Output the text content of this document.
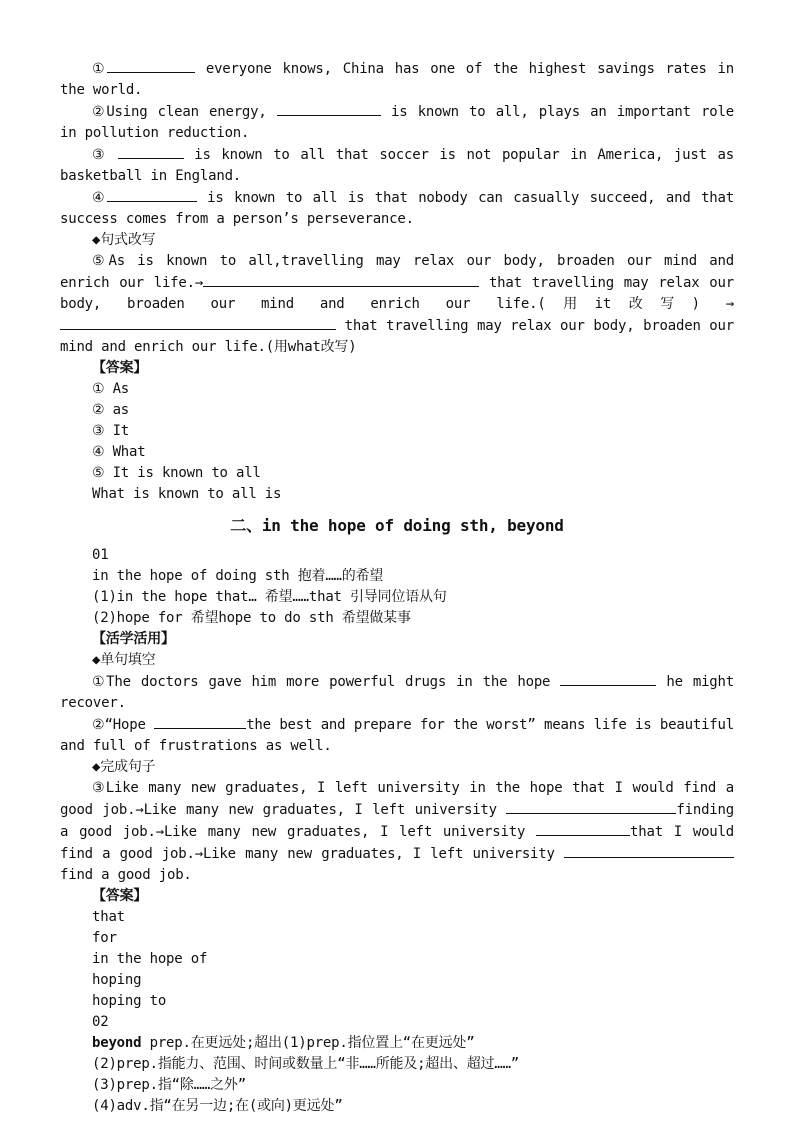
①	everyone knows, China has one of the highest savings rates in the world.
②Using clean energy,	is known to all, plays an important role in pollution reduction.
③	is known to all that soccer is not popular in America, just as basketball in England.
④	is known to all is that nobody can casually succeed, and that success comes from a person’s perseverance.
◆句式改写
⑤As is known to all,travelling may relax our body, broaden our mind and enrich our life.→	that travelling may relax our body, broaden our mind and enrich our life.(用it改写) → that travelling may relax our body, broaden our mind and enrich our life.(用what改写)
【答案】
① As
② as
③ It
④ What
⑤ It is known to all
What is known to all is
二、in the hope of doing sth, beyond
01
in the hope of doing sth 抱着……的希望
(1)in the hope that… 希望……that 引导同位语从句
(2)hope for 希望hope to do sth 希望做某事
【活学活用】
◆单句填空
①The doctors gave him more powerful drugs in the hope	he might recover.
②“Hope	the best and prepare for the worst” means life is beautiful and full of frustrations as well.
◆完成句子
③Like many new graduates, I left university in the hope that I would find a good job.→Like many new graduates, I left university	finding a good job.→Like many new graduates, I left university	that I would find a good job.→Like many new graduates, I left university find a good job.
【答案】
that
for
in the hope of
hoping
hoping to
02
beyond prep.在更远处;超出(1)prep.指位置上“在更远处”
(2)prep.指能力、范围、时间或数量上“非……所能及;超出、超过……”
(3)prep.指“除……之外”
(4)adv.指“在另一边;在(或向)更远处”
